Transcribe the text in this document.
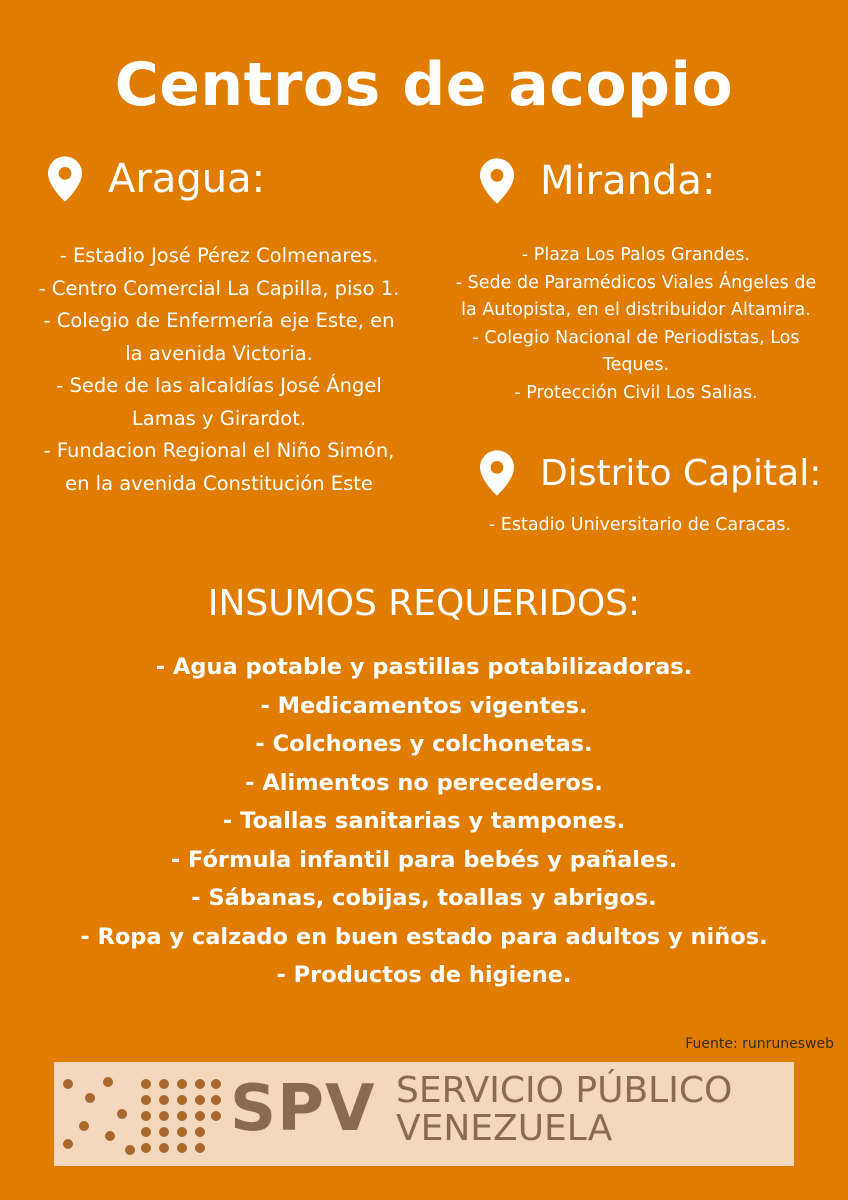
Centros de acopio
Aragua:
- Estadio José Pérez Colmenares.
- Centro Comercial La Capilla, piso 1.
- Colegio de Enfermería eje Este, en
la avenida Victoria.
- Sede de las alcaldías José Ángel
Lamas y Girardot.
- Fundacion Regional el Niño Simón,
en la avenida Constitución Este
Miranda:
- Plaza Los Palos Grandes.
- Sede de Paramédicos Viales Ángeles de
la Autopista, en el distribuidor Altamira.
- Colegio Nacional de Periodistas, Los
Teques.
- Protección Civil Los Salias.
Distrito Capital:
- Estadio Universitario de Caracas.
INSUMOS REQUERIDOS:
- Agua potable y pastillas potabilizadoras.
- Medicamentos vigentes.
- Colchones y colchonetas.
- Alimentos no perecederos.
- Toallas sanitarias y tampones.
- Fórmula infantil para bebés y pañales.
- Sábanas, cobijas, toallas y abrigos.
- Ropa y calzado en buen estado para adultos y niños.
- Productos de higiene.
Fuente: runrunesweb
SPV SERVICIO PÚBLICO
VENEZUELA
